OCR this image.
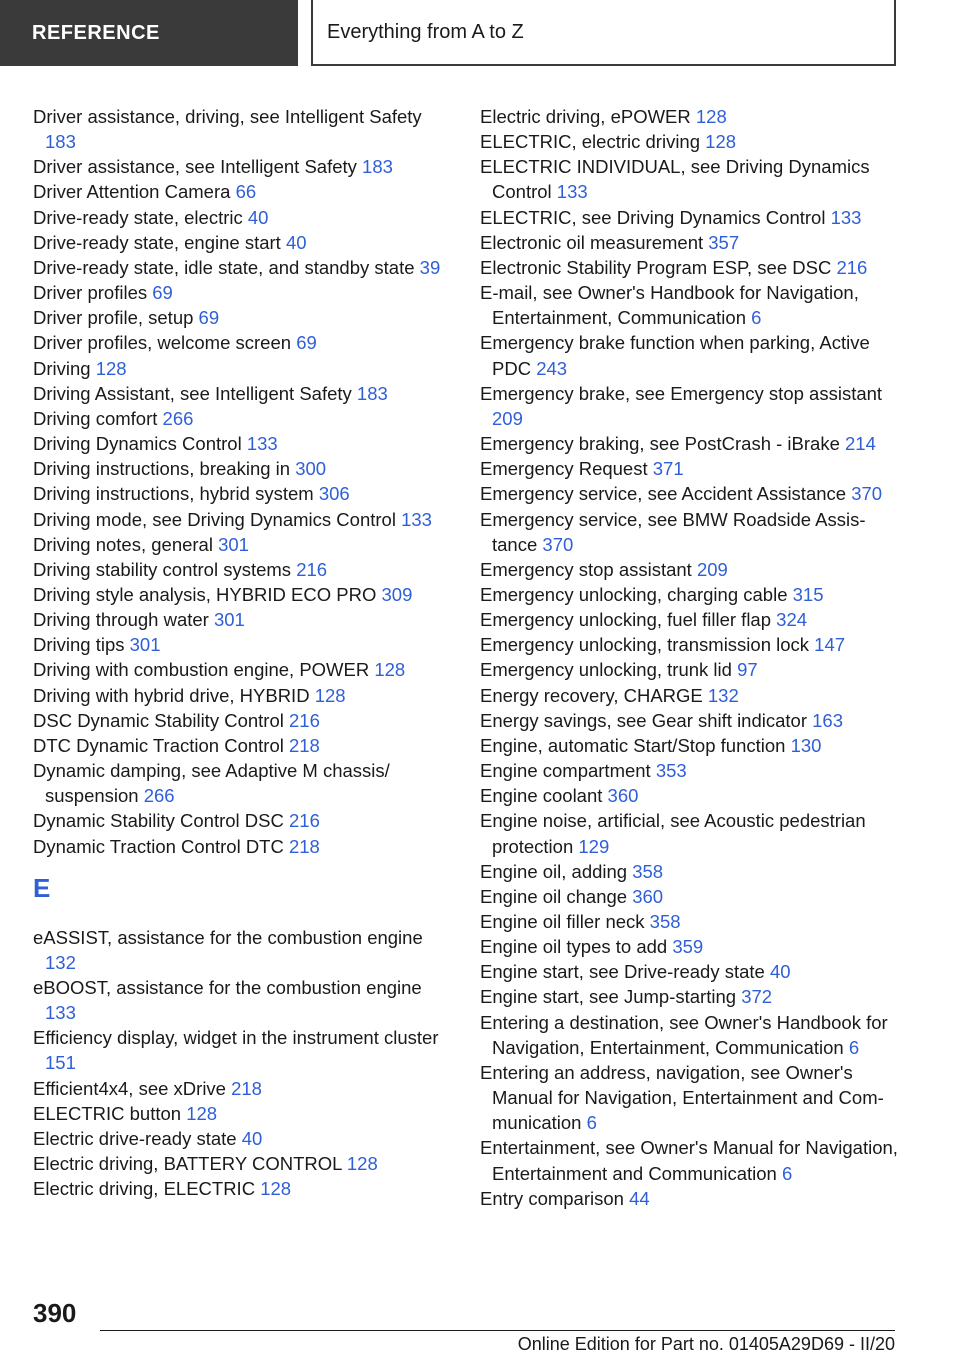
REFERENCE	Everything from A to Z
Driver assistance, driving, see Intelligent Safety 183
Driver assistance, see Intelligent Safety 183
Driver Attention Camera 66
Drive-ready state, electric 40
Drive-ready state, engine start 40
Drive-ready state, idle state, and standby state 39
Driver profiles 69
Driver profile, setup 69
Driver profiles, welcome screen 69
Driving 128
Driving Assistant, see Intelligent Safety 183
Driving comfort 266
Driving Dynamics Control 133
Driving instructions, breaking in 300
Driving instructions, hybrid system 306
Driving mode, see Driving Dynamics Control 133
Driving notes, general 301
Driving stability control systems 216
Driving style analysis, HYBRID ECO PRO 309
Driving through water 301
Driving tips 301
Driving with combustion engine, POWER 128
Driving with hybrid drive, HYBRID 128
DSC Dynamic Stability Control 216
DTC Dynamic Traction Control 218
Dynamic damping, see Adaptive M chassis/ suspension 266
Dynamic Stability Control DSC 216
Dynamic Traction Control DTC 218
E
eASSIST, assistance for the combustion engine 132
eBOOST, assistance for the combustion engine 133
Efficiency display, widget in the instrument cluster 151
Efficient4x4, see xDrive 218
ELECTRIC button 128
Electric drive-ready state 40
Electric driving, BATTERY CONTROL 128
Electric driving, ELECTRIC 128
Electric driving, ePOWER 128
ELECTRIC, electric driving 128
ELECTRIC INDIVIDUAL, see Driving Dynamics Control 133
ELECTRIC, see Driving Dynamics Control 133
Electronic oil measurement 357
Electronic Stability Program ESP, see DSC 216
E-mail, see Owner's Handbook for Navigation, Entertainment, Communication 6
Emergency brake function when parking, Active PDC 243
Emergency brake, see Emergency stop assistant 209
Emergency braking, see PostCrash - iBrake 214
Emergency Request 371
Emergency service, see Accident Assistance 370
Emergency service, see BMW Roadside Assistance 370
Emergency stop assistant 209
Emergency unlocking, charging cable 315
Emergency unlocking, fuel filler flap 324
Emergency unlocking, transmission lock 147
Emergency unlocking, trunk lid 97
Energy recovery, CHARGE 132
Energy savings, see Gear shift indicator 163
Engine, automatic Start/Stop function 130
Engine compartment 353
Engine coolant 360
Engine noise, artificial, see Acoustic pedestrian protection 129
Engine oil, adding 358
Engine oil change 360
Engine oil filler neck 358
Engine oil types to add 359
Engine start, see Drive-ready state 40
Engine start, see Jump-starting 372
Entering a destination, see Owner's Handbook for Navigation, Entertainment, Communication 6
Entering an address, navigation, see Owner's Manual for Navigation, Entertainment and Communication 6
Entertainment, see Owner's Manual for Navigation, Entertainment and Communication 6
Entry comparison 44
390
Online Edition for Part no. 01405A29D69 - II/20
